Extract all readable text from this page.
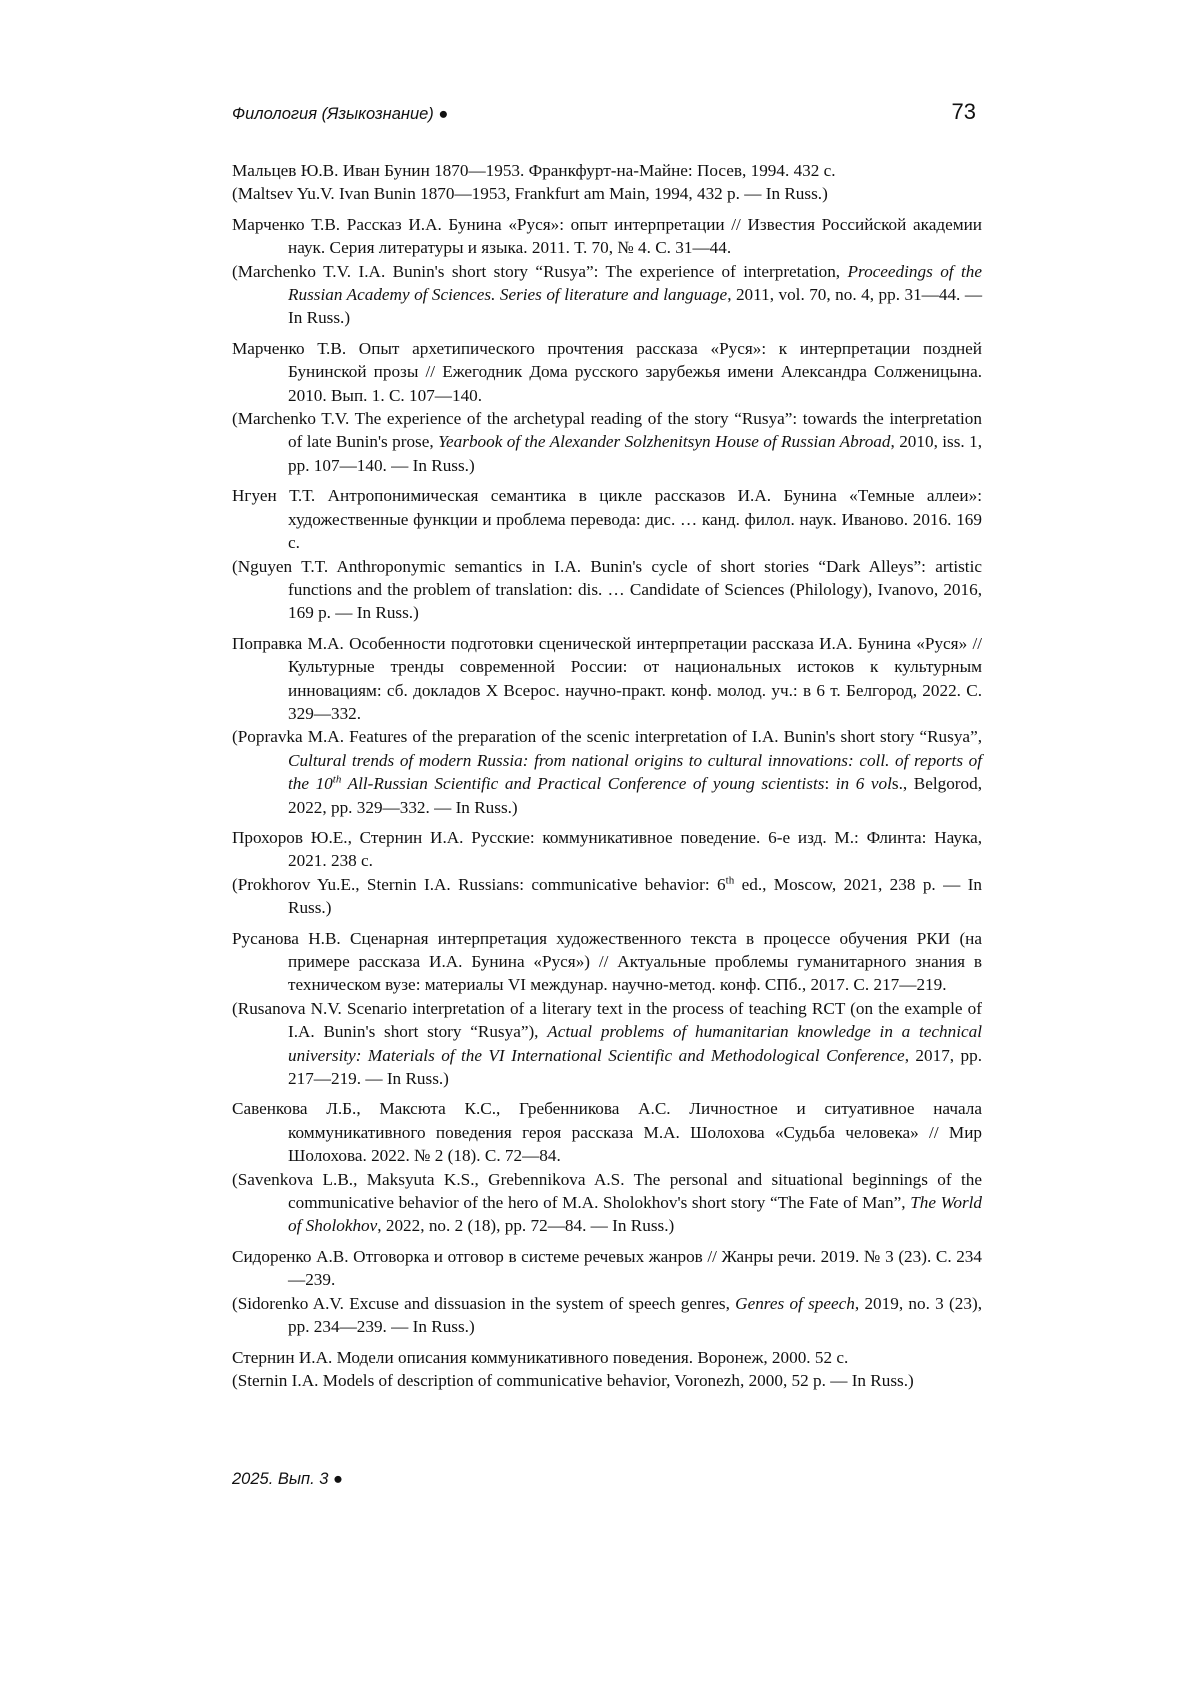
Филология (Языкознание) ●	73
Мальцев Ю.В. Иван Бунин 1870—1953. Франкфурт-на-Майне: Посев, 1994. 432 с.
(Maltsev Yu.V. Ivan Bunin 1870—1953, Frankfurt am Main, 1994, 432 p. — In Russ.)
Марченко Т.В. Рассказ И.А. Бунина «Руся»: опыт интерпретации // Известия Российской академии наук. Серия литературы и языка. 2011. Т. 70, № 4. С. 31—44.
(Marchenko T.V. I.A. Bunin's short story “Rusya”: The experience of interpretation, Proceedings of the Russian Academy of Sciences. Series of literature and language, 2011, vol. 70, no. 4, pp. 31—44. — In Russ.)
Марченко Т.В. Опыт архетипического прочтения рассказа «Руся»: к интерпретации поздней Бунинской прозы // Ежегодник Дома русского зарубежья имени Александра Солженицына. 2010. Вып. 1. С. 107—140.
(Marchenko T.V. The experience of the archetypal reading of the story “Rusya”: towards the interpretation of late Bunin's prose, Yearbook of the Alexander Solzhenitsyn House of Russian Abroad, 2010, iss. 1, pp. 107—140. — In Russ.)
Нгуен Т.Т. Антропонимическая семантика в цикле рассказов И.А. Бунина «Темные аллеи»: художественные функции и проблема перевода: дис. … канд. филол. наук. Иваново. 2016. 169 с.
(Nguyen T.T. Anthroponymic semantics in I.A. Bunin's cycle of short stories “Dark Alleys”: artistic functions and the problem of translation: dis. … Candidate of Sciences (Philology), Ivanovo, 2016, 169 p. — In Russ.)
Поправка М.А. Особенности подготовки сценической интерпретации рассказа И.А. Бунина «Руся» // Культурные тренды современной России: от национальных истоков к культурным инновациям: сб. докладов X Всерос. научно-практ. конф. молод. уч.: в 6 т. Белгород, 2022. С. 329—332.
(Popravka M.A. Features of the preparation of the scenic interpretation of I.A. Bunin's short story “Rusya”, Cultural trends of modern Russia: from national origins to cultural innovations: coll. of reports of the 10th All-Russian Scientific and Practical Conference of young scientists: in 6 vols., Belgorod, 2022, pp. 329—332. — In Russ.)
Прохоров Ю.Е., Стернин И.А. Русские: коммуникативное поведение. 6-е изд. М.: Флинта: Наука, 2021. 238 с.
(Prokhorov Yu.E., Sternin I.A. Russians: communicative behavior: 6th ed., Moscow, 2021, 238 p. — In Russ.)
Русанова Н.В. Сценарная интерпретация художественного текста в процессе обучения РКИ (на примере рассказа И.А. Бунина «Руся») // Актуальные проблемы гуманитарного знания в техническом вузе: материалы VI междунар. научно-метод. конф. СПб., 2017. С. 217—219.
(Rusanova N.V. Scenario interpretation of a literary text in the process of teaching RCT (on the example of I.A. Bunin's short story “Rusya”), Actual problems of humanitarian knowledge in a technical university: Materials of the VI International Scientific and Methodological Conference, 2017, pp. 217—219. — In Russ.)
Савенкова Л.Б., Максюта К.С., Гребенникова А.С. Личностное и ситуативное начала коммуникативного поведения героя рассказа М.А. Шолохова «Судьба человека» // Мир Шолохова. 2022. № 2 (18). С. 72—84.
(Savenkova L.B., Maksyuta K.S., Grebennikova A.S. The personal and situational beginnings of the communicative behavior of the hero of M.A. Sholokhov's short story “The Fate of Man”, The World of Sholokhov, 2022, no. 2 (18), pp. 72—84. — In Russ.)
Сидоренко А.В. Отговорка и отговор в системе речевых жанров // Жанры речи. 2019. № 3 (23). С. 234—239.
(Sidorenko A.V. Excuse and dissuasion in the system of speech genres, Genres of speech, 2019, no. 3 (23), pp. 234—239. — In Russ.)
Стернин И.А. Модели описания коммуникативного поведения. Воронеж, 2000. 52 с.
(Sternin I.A. Models of description of communicative behavior, Voronezh, 2000, 52 p. — In Russ.)
2025. Вып. 3 ●
